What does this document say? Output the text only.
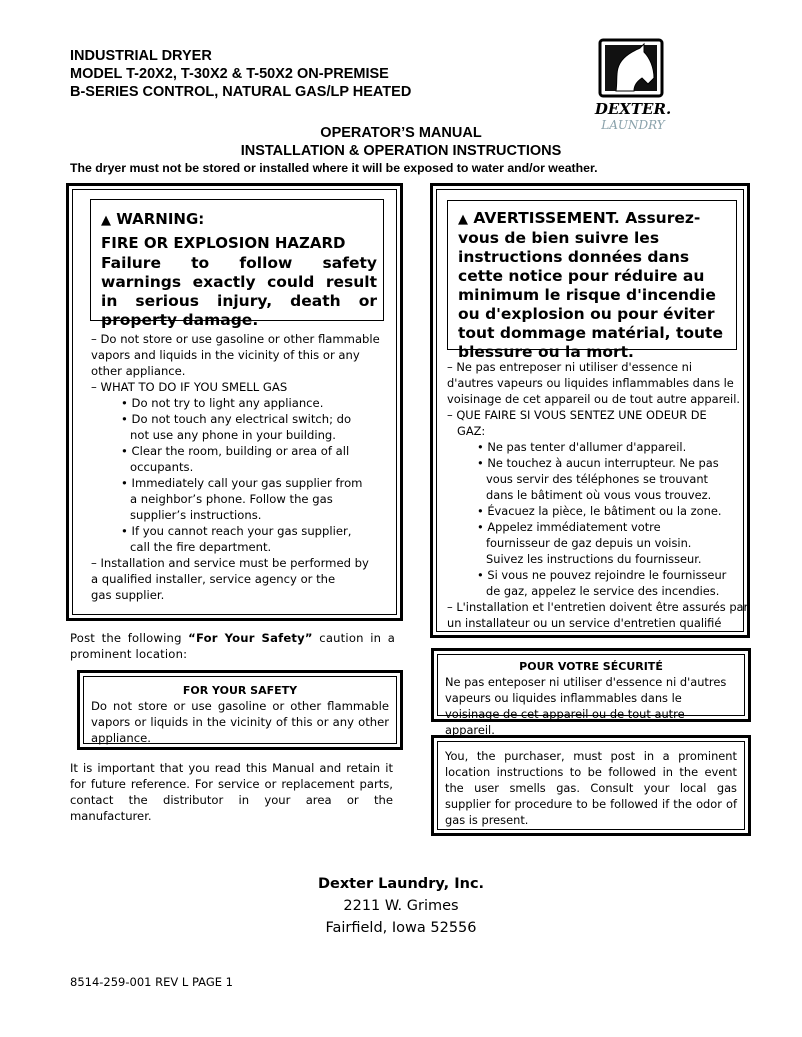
INDUSTRIAL DRYER
MODEL T-20X2, T-30X2 & T-50X2 ON-PREMISE
B-SERIES CONTROL, NATURAL GAS/LP HEATED
DEXTER.
LAUNDRY
OPERATOR’S MANUAL
INSTALLATION & OPERATION INSTRUCTIONS
The dryer must not be stored or installed where it will be exposed to water and/or weather.
▲ WARNING:
FIRE OR EXPLOSION HAZARD
Failure to follow safety warnings exactly could result in serious injury, death or property damage.
– Do not store or use gasoline or other flammable
vapors and liquids in the vicinity of this or any
other appliance.
– WHAT TO DO IF YOU SMELL GAS
• Do not try to light any appliance.
• Do not touch any electrical switch; do
not use any phone in your building.
• Clear the room, building or area of all
occupants.
• Immediately call your gas supplier from
a neighbor’s phone. Follow the gas
supplier’s instructions.
• If you cannot reach your gas supplier,
call the fire department.
– Installation and service must be performed by
a qualified installer, service agency or the
gas supplier.
▲ AVERTISSEMENT. Assurez-vous de bien suivre les instructions données dans cette notice pour réduire au minimum le risque d'incendie ou d'explosion ou pour éviter tout dommage matérial, toute blessure ou la mort.
– Ne pas entreposer ni utiliser d'essence ni
d'autres vapeurs ou liquides inflammables dans le
voisinage de cet appareil ou de tout autre appareil.
– QUE FAIRE SI VOUS SENTEZ UNE ODEUR DE
GAZ:
• Ne pas tenter d'allumer d'appareil.
• Ne touchez à aucun interrupteur. Ne pas
vous servir des téléphones se trouvant
dans le bâtiment où vous vous trouvez.
• Évacuez la pièce, le bâtiment ou la zone.
• Appelez immédiatement votre
fournisseur de gaz depuis un voisin.
Suivez les instructions du fournisseur.
• Si vous ne pouvez rejoindre le fournisseur
de gaz, appelez le service des incendies.
– L'installation et l'entretien doivent être assurés par
un installateur ou un service d'entretien qualifié
Post the following “For Your Safety” caution in a prominent location:
FOR YOUR SAFETY
Do not store or use gasoline or other flammable vapors or liquids in the vicinity of this or any other appliance.
It is important that you read this Manual and retain it for future reference. For service or replacement parts, contact the distributor in your area or the manufacturer.
POUR VOTRE SÉCURITÉ
Ne pas enteposer ni utiliser d'essence ni d'autres vapeurs ou liquides inflammables dans le voisinage de cet appareil ou de tout autre appareil.
You, the purchaser, must post in a prominent location instructions to be followed in the event the user smells gas. Consult your local gas supplier for procedure to be followed if the odor of gas is present.
Dexter Laundry, Inc.
2211 W. Grimes
Fairfield, Iowa 52556
8514-259-001 REV L PAGE 1
